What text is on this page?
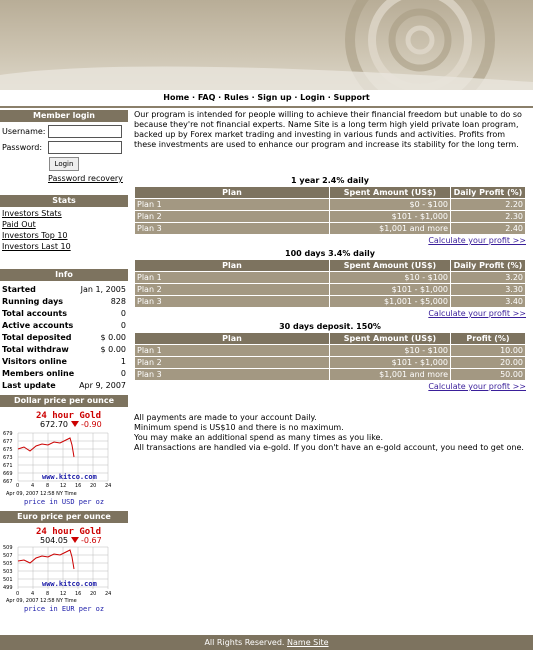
Home · FAQ · Rules · Sign up · Login · Support
Member login
Username:
Password:
Login
Password recovery
Stats
Investors Stats
Paid Out
Investors Top 10
Investors Last 10
Info
Started	Jan 1, 2005
Running days	828
Total accounts	0
Active accounts	0
Total deposited	$ 0.00
Total withdraw	$ 0.00
Visitors online	1
Members online	0
Last update	Apr 9, 2007
Dollar price per ounce
24 hour Gold
672.70 -0.90
679
677
675
673
671
669
667
www.kitco.com
0 4 8 12 16 20 24
Apr 09, 2007 12:58 NY Time
price in USD per oz
Euro price per ounce
24 hour Gold
504.05 -0.67
509
507
505
503
501
499	www.kitco.com
0 4 8 12 16 20 24
Apr 09, 2007 12:58 NY Time
price in EUR per oz
Our program is intended for people willing to achieve their financial freedom but unable to do so because they're not financial experts. Name Site is a long term high yield private loan program, backed up by Forex market trading and investing in various funds and activities. Profits from these investments are used to enhance our program and increase its stability for the long term.
1 year 2.4% daily
Plan	Spent Amount (US$)	Daily Profit (%)
Plan 1	$0 - $100	2.20
Plan 2	$101 - $1,000	2.30
Plan 3	$1,001 and more	2.40
Calculate your profit >>
100 days 3.4% daily
Plan	Spent Amount (US$)	Daily Profit (%)
Plan 1	$10 - $100	3.20
Plan 2	$101 - $1,000	3.30
Plan 3	$1,001 - $5,000	3.40
Calculate your profit >>
30 days deposit. 150%
Plan	Spent Amount (US$)	Profit (%)
Plan 1	$10 - $100	10.00
Plan 2	$101 - $1,000	20.00
Plan 3	$1,001 and more	50.00
Calculate your profit >>
All payments are made to your account Daily.
Minimum spend is US$10 and there is no maximum.
You may make an additional spend as many times as you like.
All transactions are handled via e-gold. If you don't have an e-gold account, you need to get one.
All Rights Reserved. Name Site
